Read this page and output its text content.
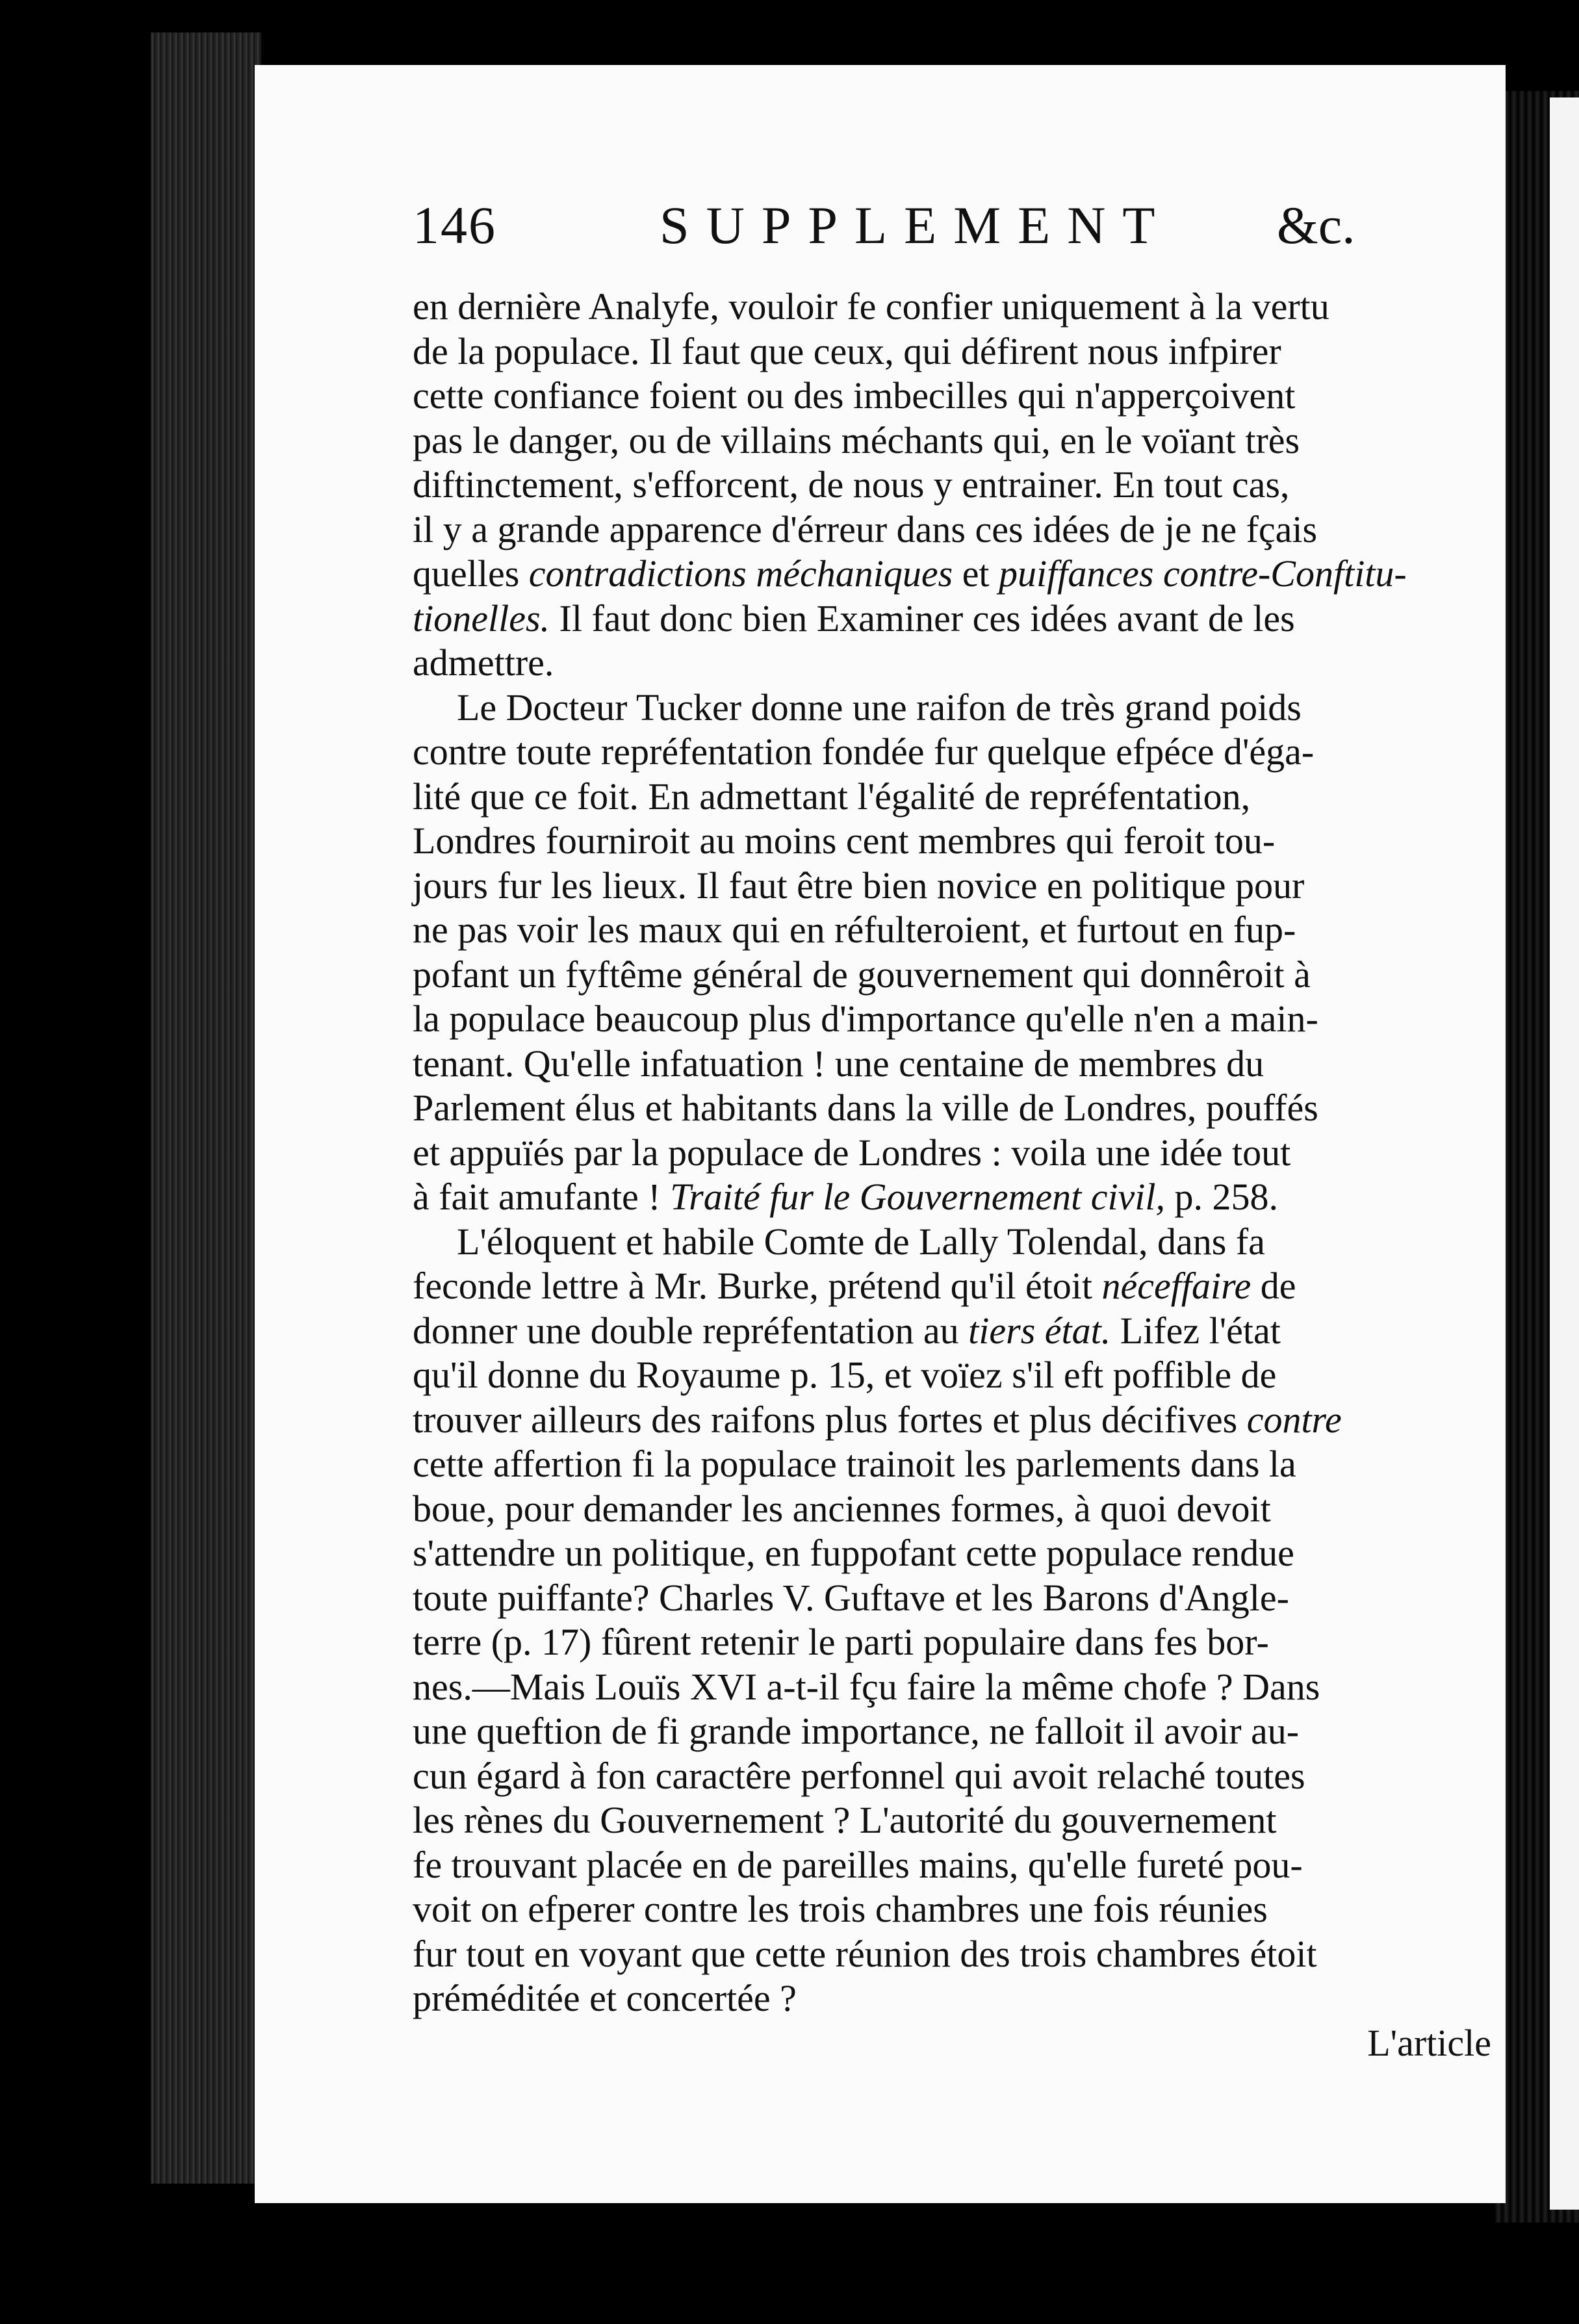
146	SUPPLEMENT &c.
en dernière Analyfe, vouloir fe confier uniquement à la vertu
de la populace. Il faut que ceux, qui défirent nous infpirer
cette confiance foient ou des imbecilles qui n'apperçoivent
pas le danger, ou de villains méchants qui, en le voïant très
diftinctement, s'efforcent, de nous y entrainer. En tout cas,
il y a grande apparence d'érreur dans ces idées de je ne fçais
quelles contradictions méchaniques et puiffances contre-Conftitu-
tionelles. Il faut donc bien Examiner ces idées avant de les
admettre.
Le Docteur Tucker donne une raifon de très grand poids
contre toute repréfentation fondée fur quelque efpéce d'éga-
lité que ce foit. En admettant l'égalité de repréfentation,
Londres fourniroit au moins cent membres qui feroit tou-
jours fur les lieux. Il faut être bien novice en politique pour
ne pas voir les maux qui en réfulteroient, et furtout en fup-
pofant un fyftême général de gouvernement qui donnêroit à
la populace beaucoup plus d'importance qu'elle n'en a main-
tenant. Qu'elle infatuation ! une centaine de membres du
Parlement élus et habitants dans la ville de Londres, pouffés
et appuïés par la populace de Londres : voila une idée tout
à fait amufante ! Traité fur le Gouvernement civil, p. 258.
L'éloquent et habile Comte de Lally Tolendal, dans fa
feconde lettre à Mr. Burke, prétend qu'il étoit néceffaire de
donner une double repréfentation au tiers état. Lifez l'état
qu'il donne du Royaume p. 15, et voïez s'il eft poffible de
trouver ailleurs des raifons plus fortes et plus décifives contre
cette affertion fi la populace trainoit les parlements dans la
boue, pour demander les anciennes formes, à quoi devoit
s'attendre un politique, en fuppofant cette populace rendue
toute puiffante? Charles V. Guftave et les Barons d'Angle-
terre (p. 17) fûrent retenir le parti populaire dans fes bor-
nes.—Mais Louïs XVI a-t-il fçu faire la même chofe ? Dans
une queftion de fi grande importance, ne falloit il avoir au-
cun égard à fon caractêre perfonnel qui avoit relaché toutes
les rènes du Gouvernement ? L'autorité du gouvernement
fe trouvant placée en de pareilles mains, qu'elle fureté pou-
voit on efperer contre les trois chambres une fois réunies
fur tout en voyant que cette réunion des trois chambres étoit
préméditée et concertée ?
L'article
